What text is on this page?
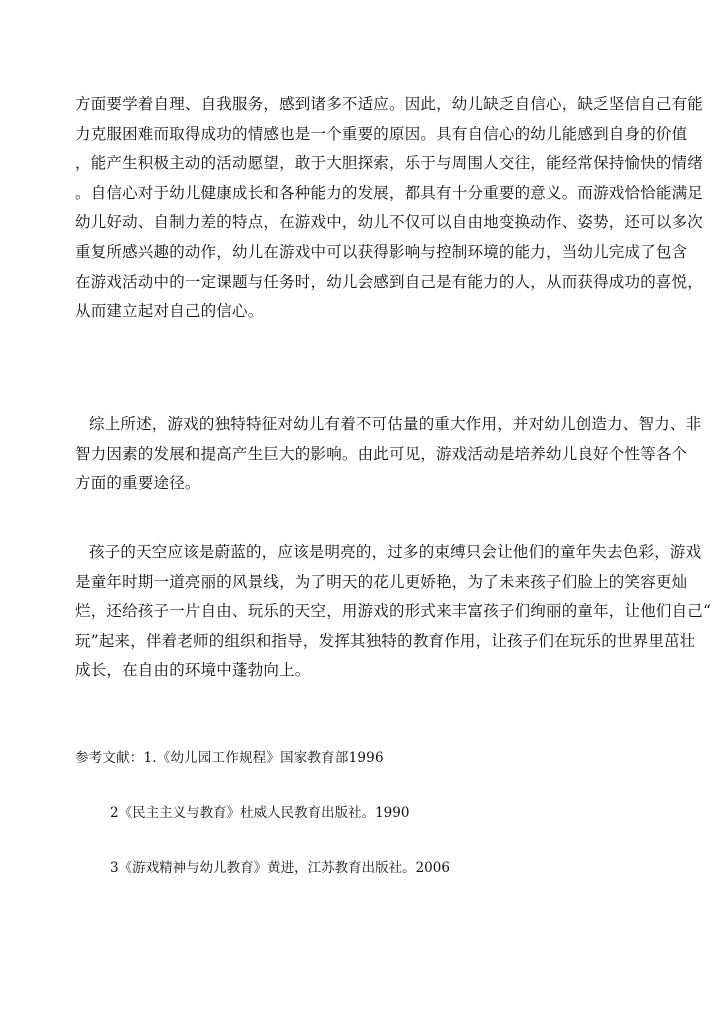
方面要学着自理、自我服务，感到诸多不适应。因此，幼儿缺乏自信心，缺乏坚信自己有能
力克服困难而取得成功的情感也是一个重要的原因。具有自信心的幼儿能感到自身的价值
，能产生积极主动的活动愿望，敢于大胆探索，乐于与周围人交往，能经常保持愉快的情绪
。自信心对于幼儿健康成长和各种能力的发展，都具有十分重要的意义。而游戏恰恰能满足
幼儿好动、自制力差的特点，在游戏中，幼儿不仅可以自由地变换动作、姿势，还可以多次
重复所感兴趣的动作，幼儿在游戏中可以获得影响与控制环境的能力，当幼儿完成了包含
在游戏活动中的一定课题与任务时，幼儿会感到自己是有能力的人，从而获得成功的喜悦，
从而建立起对自己的信心。
综上所述，游戏的独特特征对幼儿有着不可估量的重大作用，并对幼儿创造力、智力、非
智力因素的发展和提高产生巨大的影响。由此可见，游戏活动是培养幼儿良好个性等各个
方面的重要途径。
孩子的天空应该是蔚蓝的，应该是明亮的，过多的束缚只会让他们的童年失去色彩，游戏
是童年时期一道亮丽的风景线，为了明天的花儿更娇艳，为了未来孩子们脸上的笑容更灿
烂，还给孩子一片自由、玩乐的天空，用游戏的形式来丰富孩子们绚丽的童年，让他们自己“
玩”起来，伴着老师的组织和指导，发挥其独特的教育作用，让孩子们在玩乐的世界里茁壮
成长，在自由的环境中蓬勃向上。
参考文献：1.《幼儿园工作规程》国家教育部1996
2《民主主义与教育》杜威人民教育出版社。1990
3《游戏精神与幼儿教育》黄进，江苏教育出版社。2006
